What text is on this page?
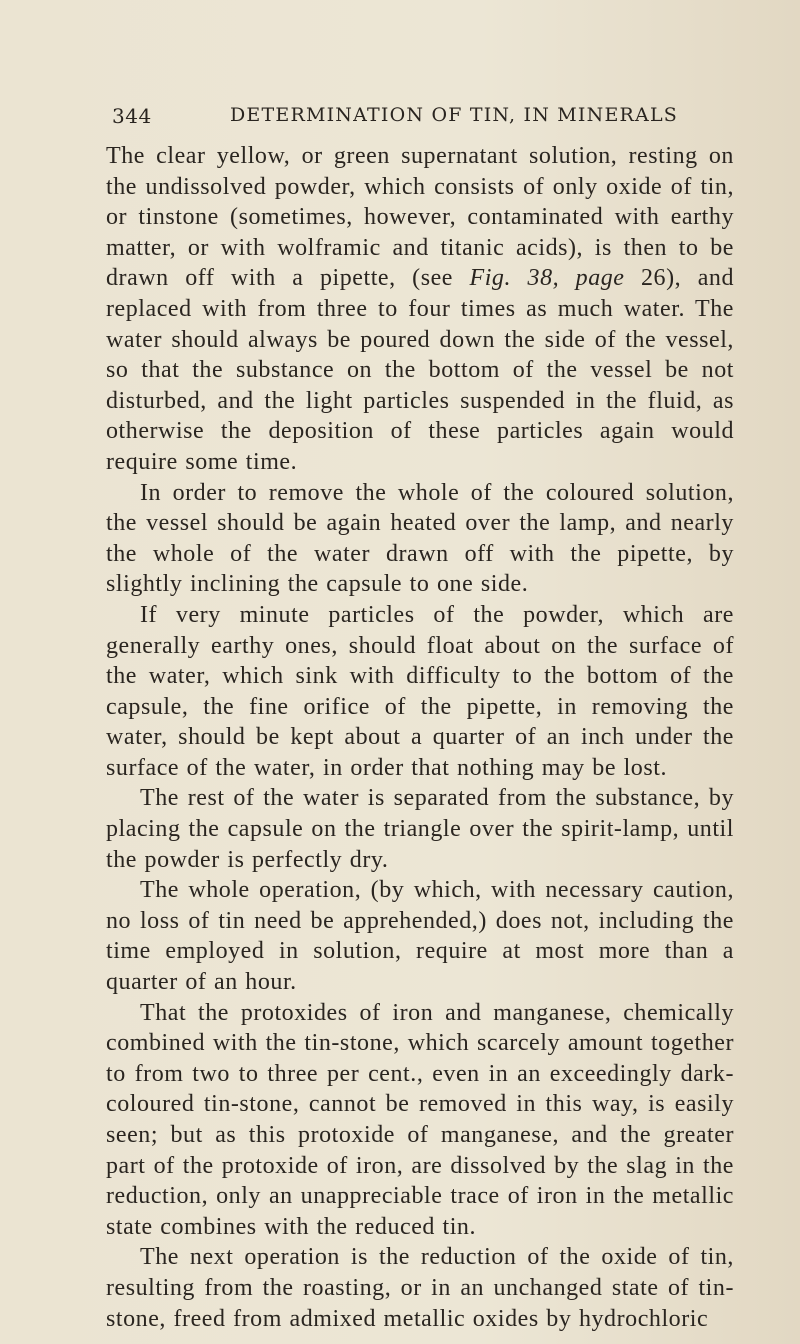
344	DETERMINATION OF TIN, IN MINERALS

The clear yellow, or green supernatant solution, resting on the undissolved powder, which consists of only oxide of tin, or tinstone (sometimes, however, contaminated with earthy matter, or with wolframic and titanic acids), is then to be drawn off with a pipette, (see Fig. 38, page 26), and replaced with from three to four times as much water. The water should always be poured down the side of the vessel, so that the substance on the bottom of the vessel be not disturbed, and the light particles suspended in the fluid, as otherwise the deposition of these particles again would require some time.

In order to remove the whole of the coloured solution, the vessel should be again heated over the lamp, and nearly the whole of the water drawn off with the pipette, by slightly inclining the capsule to one side.

If very minute particles of the powder, which are generally earthy ones, should float about on the surface of the water, which sink with difficulty to the bottom of the capsule, the fine orifice of the pipette, in removing the water, should be kept about a quarter of an inch under the surface of the water, in order that nothing may be lost.

The rest of the water is separated from the substance, by placing the capsule on the triangle over the spirit-lamp, until the powder is perfectly dry.

The whole operation, (by which, with necessary caution, no loss of tin need be apprehended,) does not, including the time employed in solution, require at most more than a quarter of an hour.

That the protoxides of iron and manganese, chemically combined with the tin-stone, which scarcely amount together to from two to three per cent., even in an exceedingly dark-coloured tin-stone, cannot be removed in this way, is easily seen; but as this protoxide of manganese, and the greater part of the protoxide of iron, are dissolved by the slag in the reduction, only an unappreciable trace of iron in the metallic state combines with the reduced tin.

The next operation is the reduction of the oxide of tin, resulting from the roasting, or in an unchanged state of tin-stone, freed from admixed metallic oxides by hydrochloric
